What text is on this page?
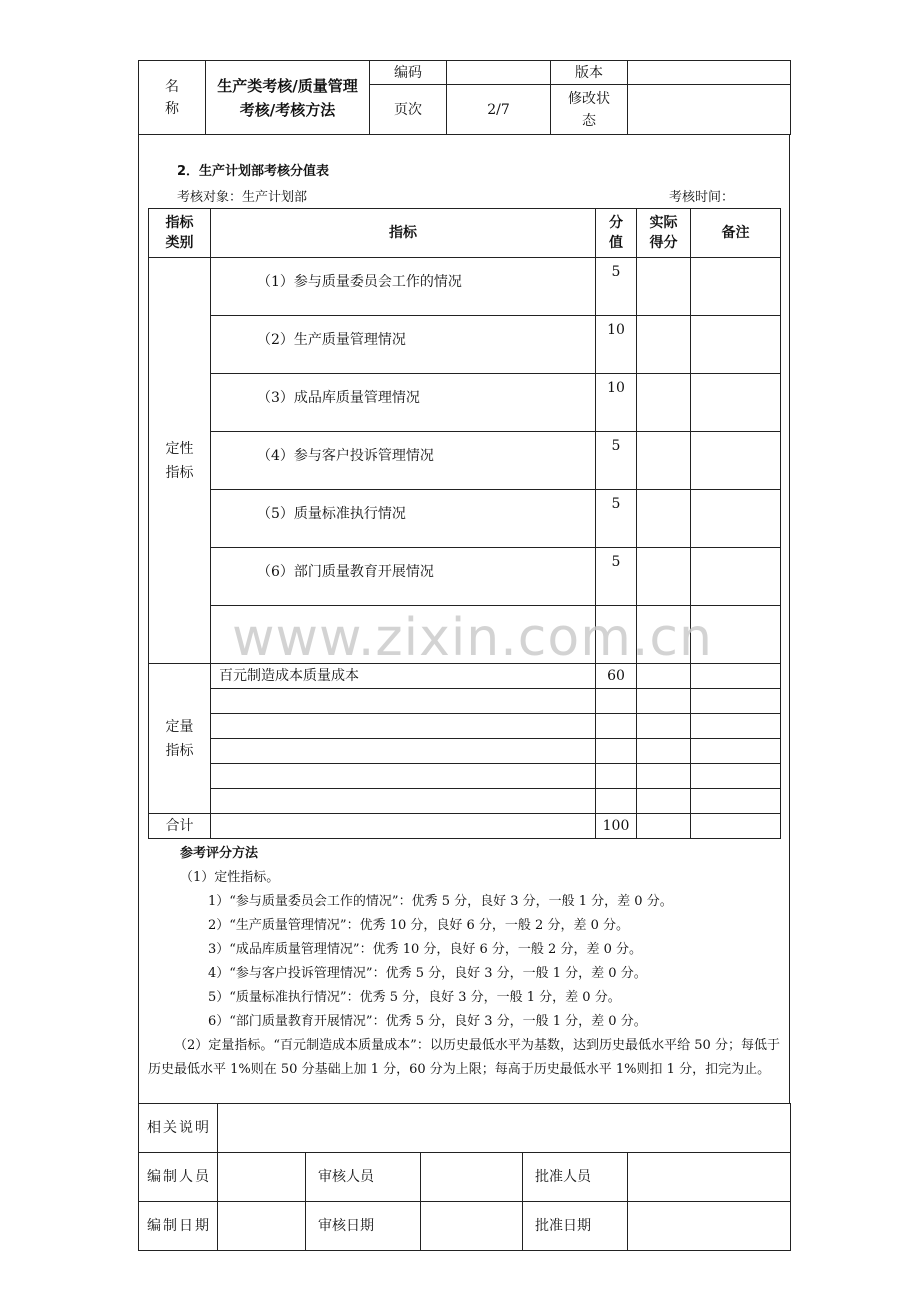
名称	生产类考核/质量管理考核/考核方法	编码		版本	
		页次	2/7	修改状态	

2．生产计划部考核分值表
考核对象：生产计划部	考核时间：
指标类别	指标	分值	实际得分	备注

定性指标	（1）参与质量委员会工作的情况	5		
	（2）生产质量管理情况	10		
	（3）成品库质量管理情况	10		
	（4）参与客户投诉管理情况	5		
	（5）质量标准执行情况	5		
	（6）部门质量教育开展情况	5		

定量指标	百元制造成本质量成本	60		

合计		100		
参考评分方法
（1）定性指标。
1）“参与质量委员会工作的情况”：优秀 5 分，良好 3 分，一般 1 分，差 0 分。
2）“生产质量管理情况”：优秀 10 分，良好 6 分，一般 2 分，差 0 分。
3）“成品库质量管理情况”：优秀 10 分，良好 6 分，一般 2 分，差 0 分。
4）“参与客户投诉管理情况”：优秀 5 分，良好 3 分，一般 1 分，差 0 分。
5）“质量标准执行情况”：优秀 5 分，良好 3 分，一般 1 分，差 0 分。
6）“部门质量教育开展情况”：优秀 5 分，良好 3 分，一般 1 分，差 0 分。
（2）定量指标。“百元制造成本质量成本”：以历史最低水平为基数，达到历史最低水平给 50 分；每低于历史最低水平 1%则在 50 分基础上加 1 分，60 分为上限；每高于历史最低水平 1%则扣 1 分，扣完为止。
相关说明					
编制人员		审核人员		批准人员	
编制日期		审核日期		批准日期	
www.zixin.com.cn
